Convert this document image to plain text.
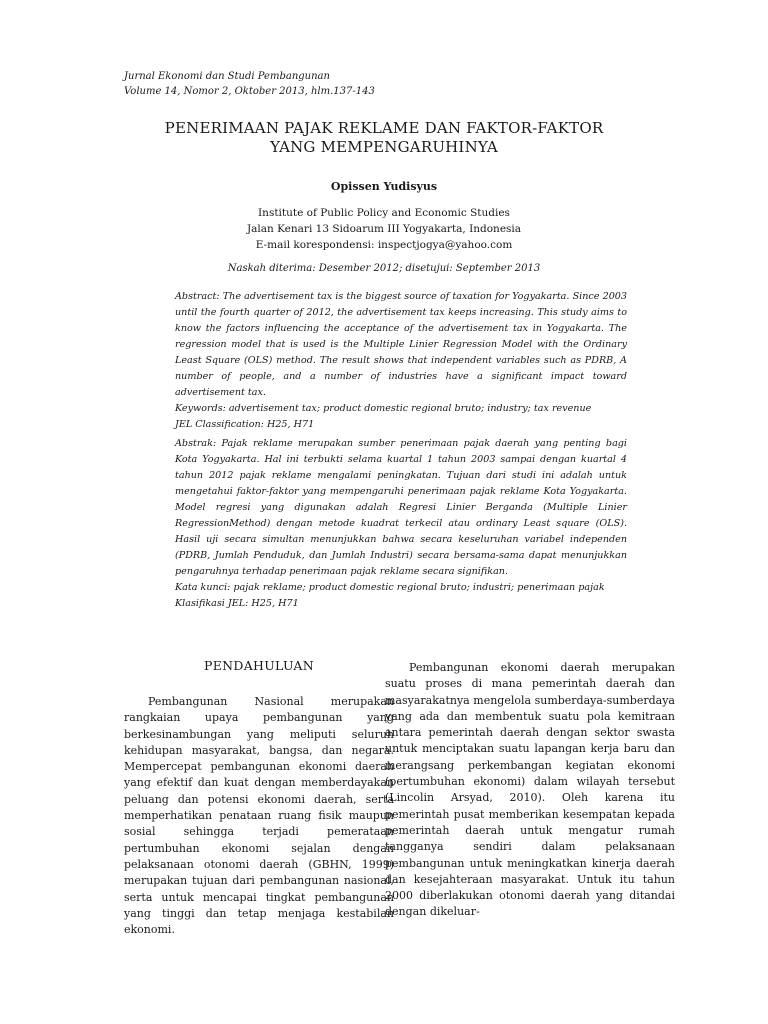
Jurnal Ekonomi dan Studi Pembangunan
Volume 14, Nomor 2, Oktober 2013, hlm.137-143
PENERIMAAN PAJAK REKLAME DAN FAKTOR-FAKTOR
YANG MEMPENGARUHINYA
Opissen Yudisyus
Institute of Public Policy and Economic Studies
Jalan Kenari 13 Sidoarum III Yogyakarta, Indonesia
E-mail korespondensi: inspectjogya@yahoo.com
Naskah diterima: Desember 2012; disetujui: September 2013

Abstract: The advertisement tax is the biggest source of taxation for Yogyakarta. Since 2003 until the fourth quarter of 2012, the advertisement tax keeps increasing. This study aims to know the factors influencing the acceptance of the advertisement tax in Yogyakarta. The regression model that is used is the Multiple Linier Regression Model with the Ordinary Least Square (OLS) method. The result shows that independent variables such as PDRB, A number of people, and a number of industries have a significant impact toward advertisement tax.

Keywords: advertisement tax; product domestic regional bruto; industry; tax revenue

JEL Classification: H25, H71

Abstrak: Pajak reklame merupakan sumber penerimaan pajak daerah yang penting bagi Kota Yogyakarta. Hal ini terbukti selama kuartal 1 tahun 2003 sampai dengan kuartal 4 tahun 2012 pajak reklame mengalami peningkatan. Tujuan dari studi ini adalah untuk mengetahui faktor-faktor yang mempengaruhi penerimaan pajak reklame Kota Yogyakarta. Model regresi yang digunakan adalah Regresi Linier Berganda (Multiple Linier RegressionMethod) dengan metode kuadrat terkecil atau ordinary Least square (OLS). Hasil uji secara simultan menunjukkan bahwa secara keseluruhan variabel independen (PDRB, Jumlah Penduduk, dan Jumlah Industri) secara bersama-sama dapat menunjukkan pengaruhnya terhadap penerimaan pajak reklame secara signifikan.

Kata kunci: pajak reklame; product domestic regional bruto; industri; penerimaan pajak

Klasifikasi JEL: H25, H71

PENDAHULUAN

Pembangunan Nasional merupakan rangkaian upaya pembangunan yang berkesinambungan yang meliputi seluruh kehidupan masyarakat, bangsa, dan negara. Mempercepat pembangunan ekonomi daerah yang efektif dan kuat dengan memberdayakan peluang dan potensi ekonomi daerah, serta memperhatikan penataan ruang fisik maupun sosial sehingga terjadi pemerataan pertumbuhan ekonomi sejalan dengan pelaksanaan otonomi daerah (GBHN, 1999) merupakan tujuan dari pembangunan nasional, serta untuk mencapai tingkat pembangunan yang tinggi dan tetap menjaga kestabilan ekonomi.

Pembangunan ekonomi daerah merupakan suatu proses di mana pemerintah daerah dan masyarakatnya mengelola sumberdaya-sumberdaya yang ada dan membentuk suatu pola kemitraan antara pemerintah daerah dengan sektor swasta untuk menciptakan suatu lapangan kerja baru dan merangsang perkembangan kegiatan ekonomi (pertumbuhan ekonomi) dalam wilayah tersebut (Lincolin Arsyad, 2010). Oleh karena itu pemerintah pusat memberikan kesempatan kepada pemerintah daerah untuk mengatur rumah tangganya sendiri dalam pelaksanaan pembangunan untuk meningkatkan kinerja daerah dan kesejahteraan masyarakat. Untuk itu tahun 2000 diberlakukan otonomi daerah yang ditandai dengan dikeluar-
